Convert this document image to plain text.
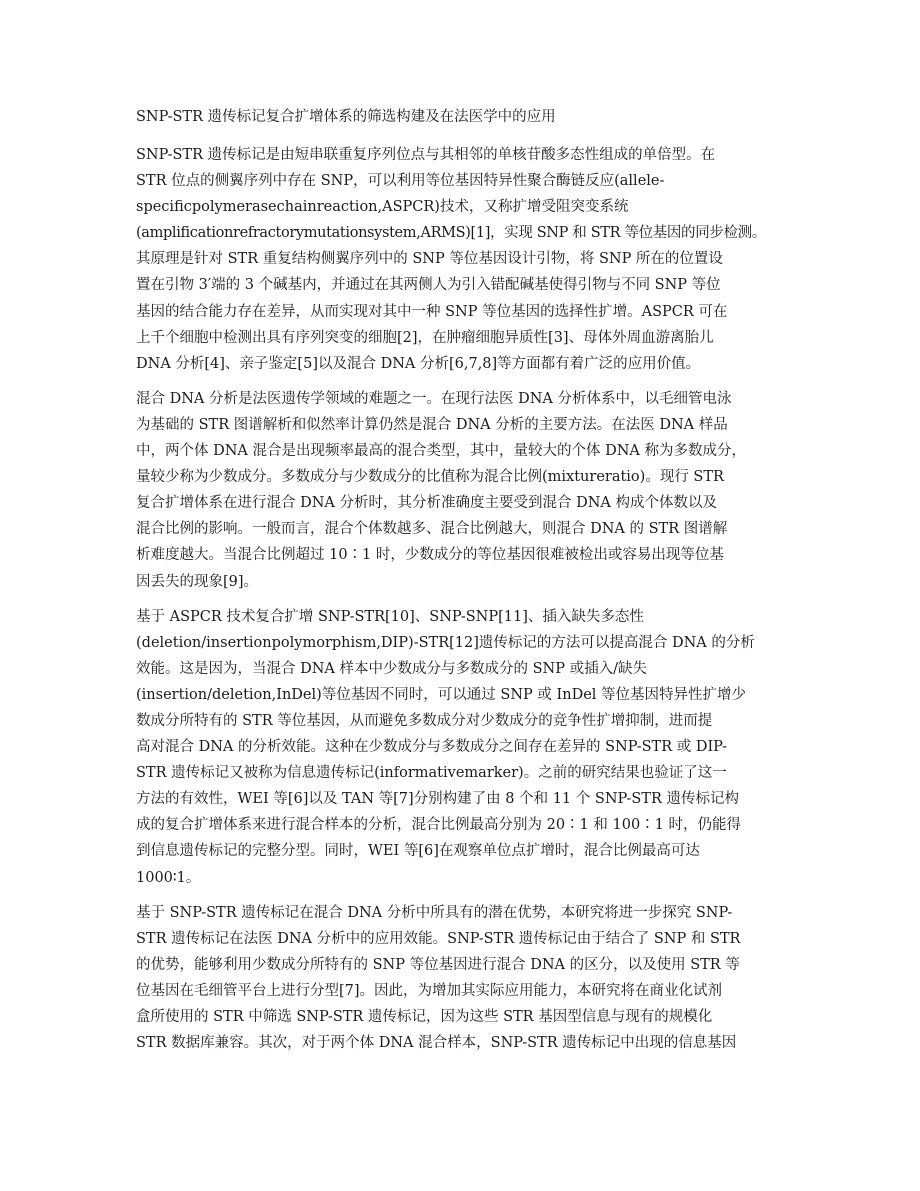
SNP-STR 遗传标记复合扩增体系的筛选构建及在法医学中的应用
SNP-STR 遗传标记是由短串联重复序列位点与其相邻的单核苷酸多态性组成的单倍型。在
STR 位点的侧翼序列中存在 SNP，可以利用等位基因特异性聚合酶链反应(allele-
specificpolymerasechainreaction,ASPCR)技术，又称扩增受阻突变系统
(amplificationrefractorymutationsystem,ARMS)[1]，实现 SNP 和 STR 等位基因的同步检测。
其原理是针对 STR 重复结构侧翼序列中的 SNP 等位基因设计引物，将 SNP 所在的位置设
置在引物 3′端的 3 个碱基内，并通过在其两侧人为引入错配碱基使得引物与不同 SNP 等位
基因的结合能力存在差异，从而实现对其中一种 SNP 等位基因的选择性扩增。ASPCR 可在
上千个细胞中检测出具有序列突变的细胞[2]，在肿瘤细胞异质性[3]、母体外周血游离胎儿
DNA 分析[4]、亲子鉴定[5]以及混合 DNA 分析[6,7,8]等方面都有着广泛的应用价值。
混合 DNA 分析是法医遗传学领域的难题之一。在现行法医 DNA 分析体系中，以毛细管电泳
为基础的 STR 图谱解析和似然率计算仍然是混合 DNA 分析的主要方法。在法医 DNA 样品
中，两个体 DNA 混合是出现频率最高的混合类型，其中，量较大的个体 DNA 称为多数成分，
量较少称为少数成分。多数成分与少数成分的比值称为混合比例(mixtureratio)。现行 STR
复合扩增体系在进行混合 DNA 分析时，其分析准确度主要受到混合 DNA 构成个体数以及
混合比例的影响。一般而言，混合个体数越多、混合比例越大，则混合 DNA 的 STR 图谱解
析难度越大。当混合比例超过 10∶1 时，少数成分的等位基因很难被检出或容易出现等位基
因丢失的现象[9]。
基于 ASPCR 技术复合扩增 SNP-STR[10]、SNP-SNP[11]、插入缺失多态性
(deletion/insertionpolymorphism,DIP)-STR[12]遗传标记的方法可以提高混合 DNA 的分析
效能。这是因为，当混合 DNA 样本中少数成分与多数成分的 SNP 或插入/缺失
(insertion/deletion,InDel)等位基因不同时，可以通过 SNP 或 InDel 等位基因特异性扩增少
数成分所特有的 STR 等位基因，从而避免多数成分对少数成分的竞争性扩增抑制，进而提
高对混合 DNA 的分析效能。这种在少数成分与多数成分之间存在差异的 SNP-STR 或 DIP-
STR 遗传标记又被称为信息遗传标记(informativemarker)。之前的研究结果也验证了这一
方法的有效性，WEI 等[6]以及 TAN 等[7]分别构建了由 8 个和 11 个 SNP-STR 遗传标记构
成的复合扩增体系来进行混合样本的分析，混合比例最高分别为 20∶1 和 100∶1 时，仍能得
到信息遗传标记的完整分型。同时，WEI 等[6]在观察单位点扩增时，混合比例最高可达
1000∶1。
基于 SNP-STR 遗传标记在混合 DNA 分析中所具有的潜在优势，本研究将进一步探究 SNP-
STR 遗传标记在法医 DNA 分析中的应用效能。SNP-STR 遗传标记由于结合了 SNP 和 STR
的优势，能够利用少数成分所特有的 SNP 等位基因进行混合 DNA 的区分，以及使用 STR 等
位基因在毛细管平台上进行分型[7]。因此，为增加其实际应用能力，本研究将在商业化试剂
盒所使用的 STR 中筛选 SNP-STR 遗传标记，因为这些 STR 基因型信息与现有的规模化
STR 数据库兼容。其次，对于两个体 DNA 混合样本，SNP-STR 遗传标记中出现的信息基因
